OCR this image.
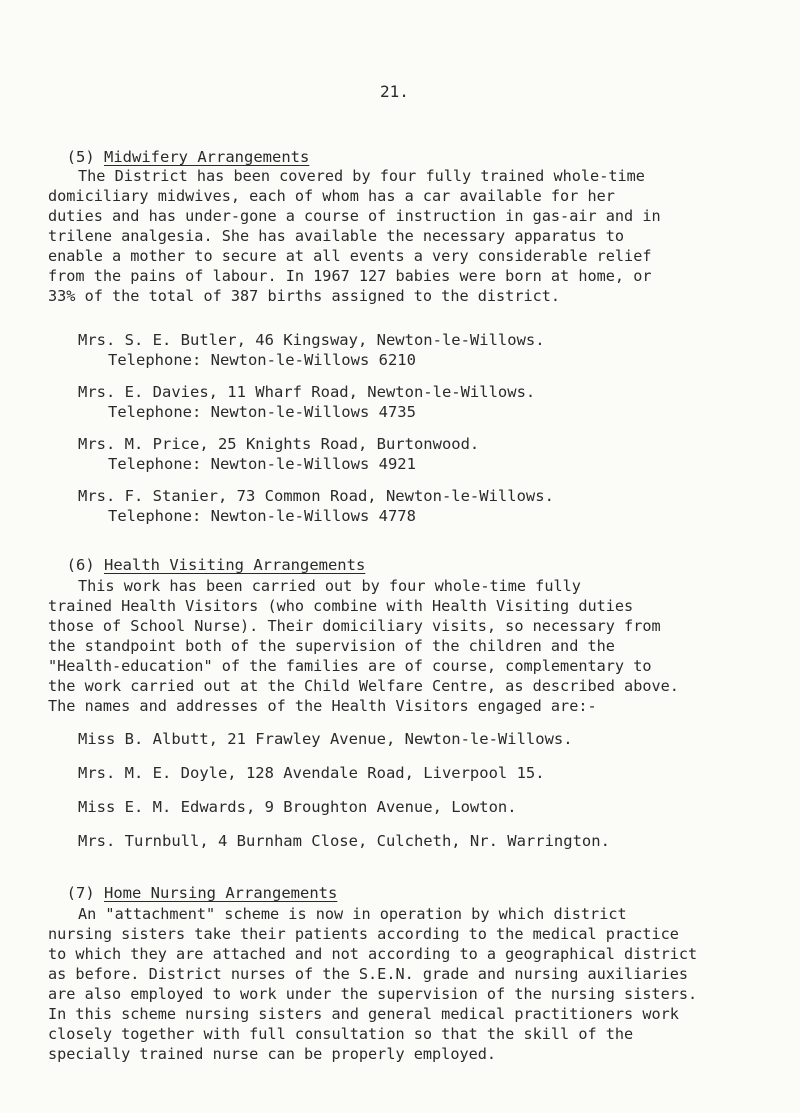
21.

(5) Midwifery Arrangements

The District has been covered by four fully trained whole-time
domiciliary midwives, each of whom has a car available for her
duties and has under-gone a course of instruction in gas-air and in
trilene analgesia. She has available the necessary apparatus to
enable a mother to secure at all events a very considerable relief
from the pains of labour. In 1967 127 babies were born at home, or
33% of the total of 387 births assigned to the district.
Mrs. S. E. Butler, 46 Kingsway, Newton-le-Willows.
Telephone: Newton-le-Willows 6210
Mrs. E. Davies, 11 Wharf Road, Newton-le-Willows.
Telephone: Newton-le-Willows 4735
Mrs. M. Price, 25 Knights Road, Burtonwood.
Telephone: Newton-le-Willows 4921
Mrs. F. Stanier, 73 Common Road, Newton-le-Willows.
Telephone: Newton-le-Willows 4778

(6) Health Visiting Arrangements

This work has been carried out by four whole-time fully
trained Health Visitors (who combine with Health Visiting duties
those of School Nurse). Their domiciliary visits, so necessary from
the standpoint both of the supervision of the children and the
"Health-education" of the families are of course, complementary to
the work carried out at the Child Welfare Centre, as described above.
The names and addresses of the Health Visitors engaged are:-
Miss B. Albutt, 21 Frawley Avenue, Newton-le-Willows.
Mrs. M. E. Doyle, 128 Avendale Road, Liverpool 15.
Miss E. M. Edwards, 9 Broughton Avenue, Lowton.
Mrs. Turnbull, 4 Burnham Close, Culcheth, Nr. Warrington.

(7) Home Nursing Arrangements

An "attachment" scheme is now in operation by which district
nursing sisters take their patients according to the medical practice
to which they are attached and not according to a geographical district
as before. District nurses of the S.E.N. grade and nursing auxiliaries
are also employed to work under the supervision of the nursing sisters.
In this scheme nursing sisters and general medical practitioners work
closely together with full consultation so that the skill of the
specially trained nurse can be properly employed.
